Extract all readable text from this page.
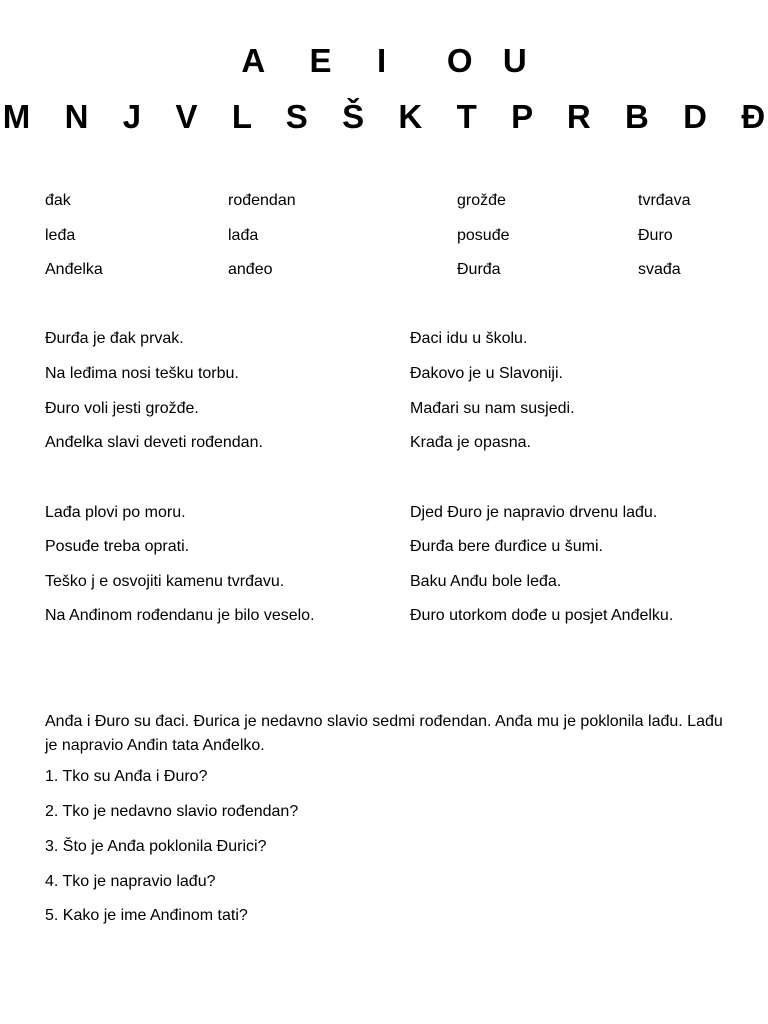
A   E   I    O  U
M  N  J  V  L  S  Š  K  T  P  R  B  D  Đ
đak	rođendan	grožđe	tvrđava
leđa	lađa	posuđe	Đuro
Anđelka	anđeo	Đurđa	svađa
Đurđa je đak prvak.
Na leđima nosi tešku torbu.
Đuro voli jesti grožđe.
Anđelka slavi deveti rođendan.
Đaci idu u školu.
Đakovo je u Slavoniji.
Mađari su nam susjedi.
Krađa je opasna.
Lađa plovi po moru.
Posuđe treba oprati.
Teško j e osvojiti kamenu tvrđavu.
Na Anđinom rođendanu je bilo veselo.
Djed Đuro je napravio drvenu lađu.
Đurđa bere đurđice u šumi.
Baku Anđu bole leđa.
Đuro utorkom dođe u posjet Anđelku.
Anđa i Đuro su đaci. Đurica je nedavno slavio sedmi rođendan. Anđa mu je poklonila lađu. Lađu je napravio Anđin tata Anđelko.
1. Tko su Anđa i Đuro?
2. Tko je nedavno slavio rođendan?
3. Što je Anđa poklonila Đurici?
4. Tko je napravio lađu?
5. Kako je ime Anđinom tati?
